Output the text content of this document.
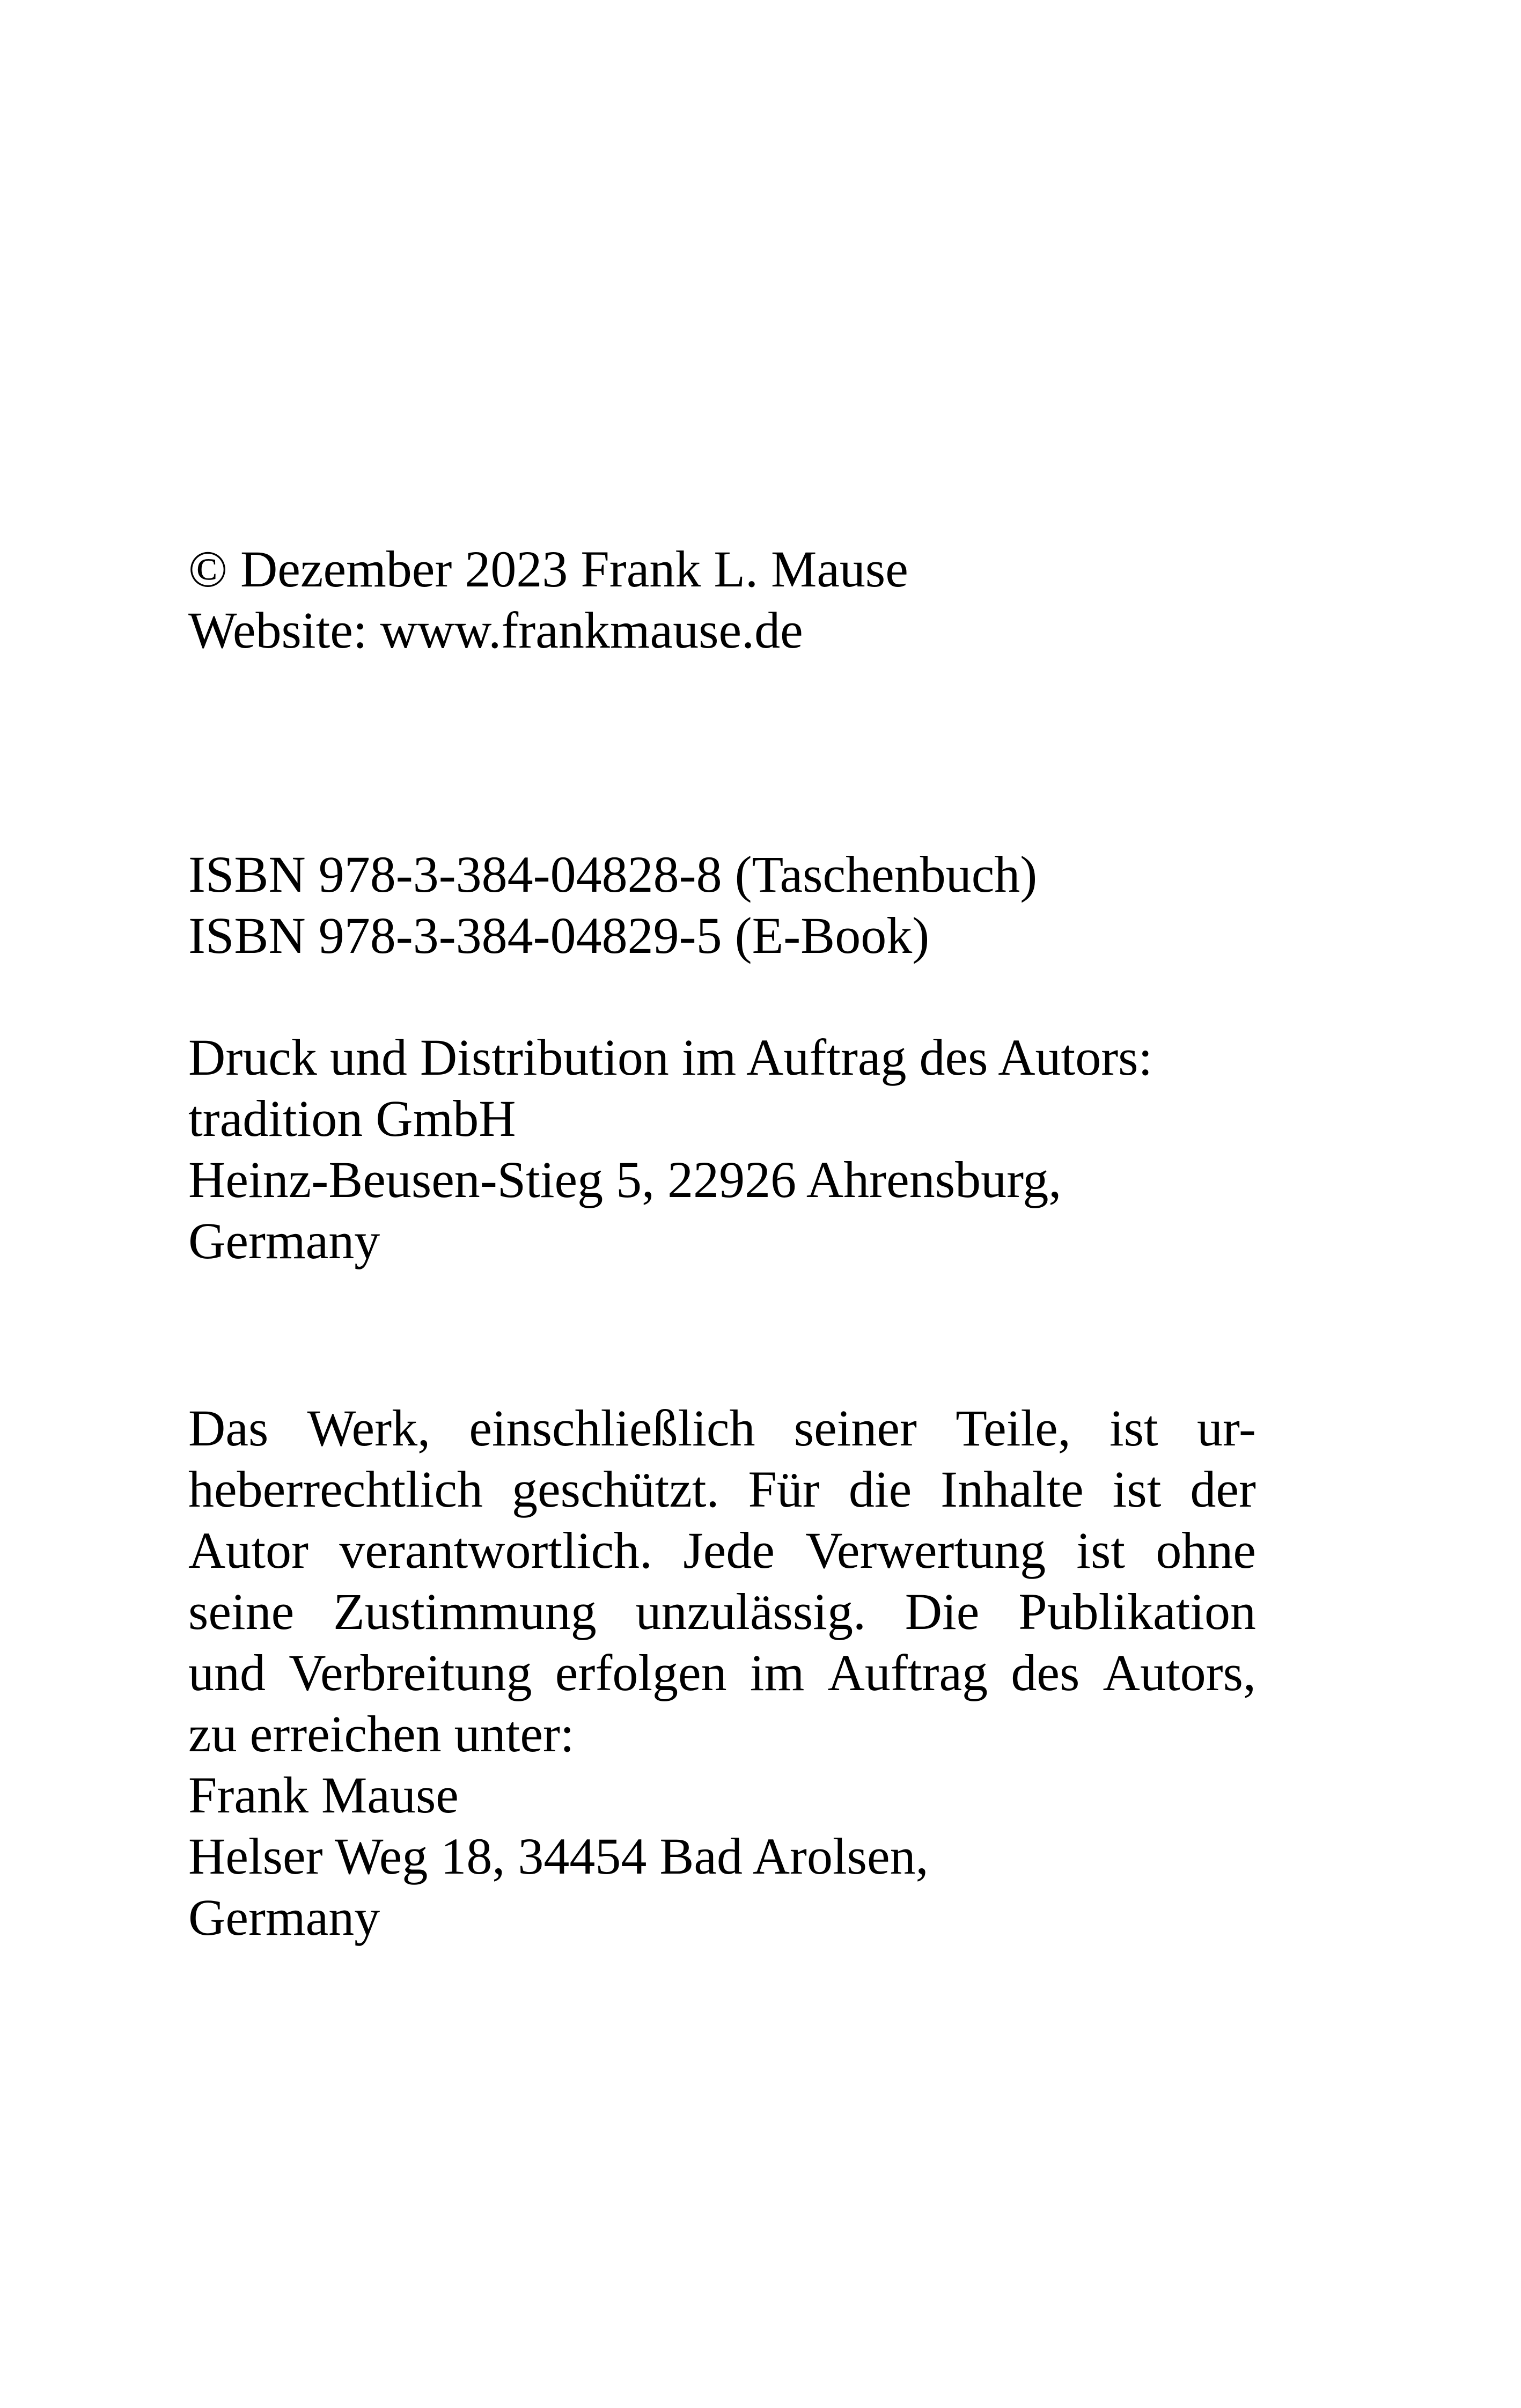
© Dezember 2023 Frank L. Mause
Website: www.frankmause.de
ISBN 978-3-384-04828-8 (Taschenbuch)
ISBN 978-3-384-04829-5 (E-Book)
Druck und Distribution im Auftrag des Autors:
tradition GmbH
Heinz-Beusen-Stieg 5, 22926 Ahrensburg,
Germany
Das Werk, einschließlich seiner Teile, ist ur-
heberrechtlich geschützt. Für die Inhalte ist der
Autor verantwortlich. Jede Verwertung ist ohne
seine Zustimmung unzulässig. Die Publikation
und Verbreitung erfolgen im Auftrag des Autors,
zu erreichen unter:
Frank Mause
Helser Weg 18, 34454 Bad Arolsen,
Germany
